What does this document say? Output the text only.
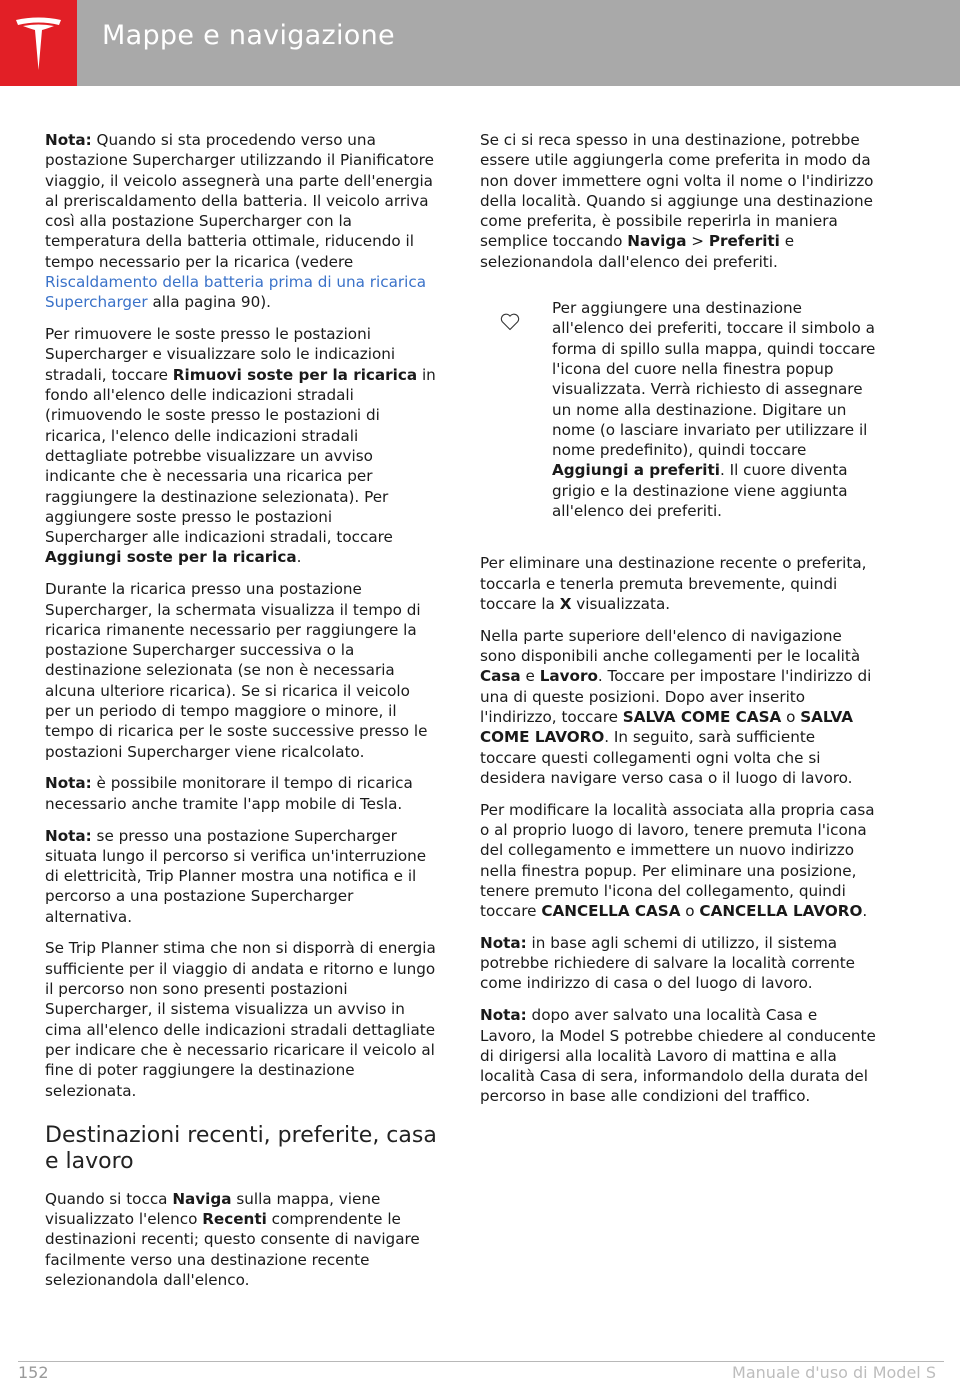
Mappe e navigazione

Nota: Quando si sta procedendo verso una postazione Supercharger utilizzando il Pianificatore viaggio, il veicolo assegnerà una parte dell'energia al preriscaldamento della batteria. Il veicolo arriva così alla postazione Supercharger con la temperatura della batteria ottimale, riducendo il tempo necessario per la ricarica (vedere Riscaldamento della batteria prima di una ricarica Supercharger alla pagina 90).

Per rimuovere le soste presso le postazioni Supercharger e visualizzare solo le indicazioni stradali, toccare Rimuovi soste per la ricarica in fondo all'elenco delle indicazioni stradali (rimuovendo le soste presso le postazioni di ricarica, l'elenco delle indicazioni stradali dettagliate potrebbe visualizzare un avviso indicante che è necessaria una ricarica per raggiungere la destinazione selezionata). Per aggiungere soste presso le postazioni Supercharger alle indicazioni stradali, toccare Aggiungi soste per la ricarica.

Durante la ricarica presso una postazione Supercharger, la schermata visualizza il tempo di ricarica rimanente necessario per raggiungere la postazione Supercharger successiva o la destinazione selezionata (se non è necessaria alcuna ulteriore ricarica). Se si ricarica il veicolo per un periodo di tempo maggiore o minore, il tempo di ricarica per le soste successive presso le postazioni Supercharger viene ricalcolato.

Nota: è possibile monitorare il tempo di ricarica necessario anche tramite l'app mobile di Tesla.

Nota: se presso una postazione Supercharger situata lungo il percorso si verifica un'interruzione di elettricità, Trip Planner mostra una notifica e il percorso a una postazione Supercharger alternativa.

Se Trip Planner stima che non si disporrà di energia sufficiente per il viaggio di andata e ritorno e lungo il percorso non sono presenti postazioni Supercharger, il sistema visualizza un avviso in cima all'elenco delle indicazioni stradali dettagliate per indicare che è necessario ricaricare il veicolo al fine di poter raggiungere la destinazione selezionata.

Destinazioni recenti, preferite, casa e lavoro

Quando si tocca Naviga sulla mappa, viene visualizzato l'elenco Recenti comprendente le destinazioni recenti; questo consente di navigare facilmente verso una destinazione recente selezionandola dall'elenco.

Se ci si reca spesso in una destinazione, potrebbe essere utile aggiungerla come preferita in modo da non dover immettere ogni volta il nome o l'indirizzo della località. Quando si aggiunge una destinazione come preferita, è possibile reperirla in maniera semplice toccando Naviga > Preferiti e selezionandola dall'elenco dei preferiti.

Per aggiungere una destinazione all'elenco dei preferiti, toccare il simbolo a forma di spillo sulla mappa, quindi toccare l'icona del cuore nella finestra popup visualizzata. Verrà richiesto di assegnare un nome alla destinazione. Digitare un nome (o lasciare invariato per utilizzare il nome predefinito), quindi toccare Aggiungi a preferiti. Il cuore diventa grigio e la destinazione viene aggiunta all'elenco dei preferiti.

Per eliminare una destinazione recente o preferita, toccarla e tenerla premuta brevemente, quindi toccare la X visualizzata.

Nella parte superiore dell'elenco di navigazione sono disponibili anche collegamenti per le località Casa e Lavoro. Toccare per impostare l'indirizzo di una di queste posizioni. Dopo aver inserito l'indirizzo, toccare SALVA COME CASA o SALVA COME LAVORO. In seguito, sarà sufficiente toccare questi collegamenti ogni volta che si desidera navigare verso casa o il luogo di lavoro.

Per modificare la località associata alla propria casa o al proprio luogo di lavoro, tenere premuta l'icona del collegamento e immettere un nuovo indirizzo nella finestra popup. Per eliminare una posizione, tenere premuto l'icona del collegamento, quindi toccare CANCELLA CASA o CANCELLA LAVORO.

Nota: in base agli schemi di utilizzo, il sistema potrebbe richiedere di salvare la località corrente come indirizzo di casa o del luogo di lavoro.

Nota: dopo aver salvato una località Casa e Lavoro, la Model S potrebbe chiedere al conducente di dirigersi alla località Lavoro di mattina e alla località Casa di sera, informandolo della durata del percorso in base alle condizioni del traffico.

152	Manuale d'uso di Model S
